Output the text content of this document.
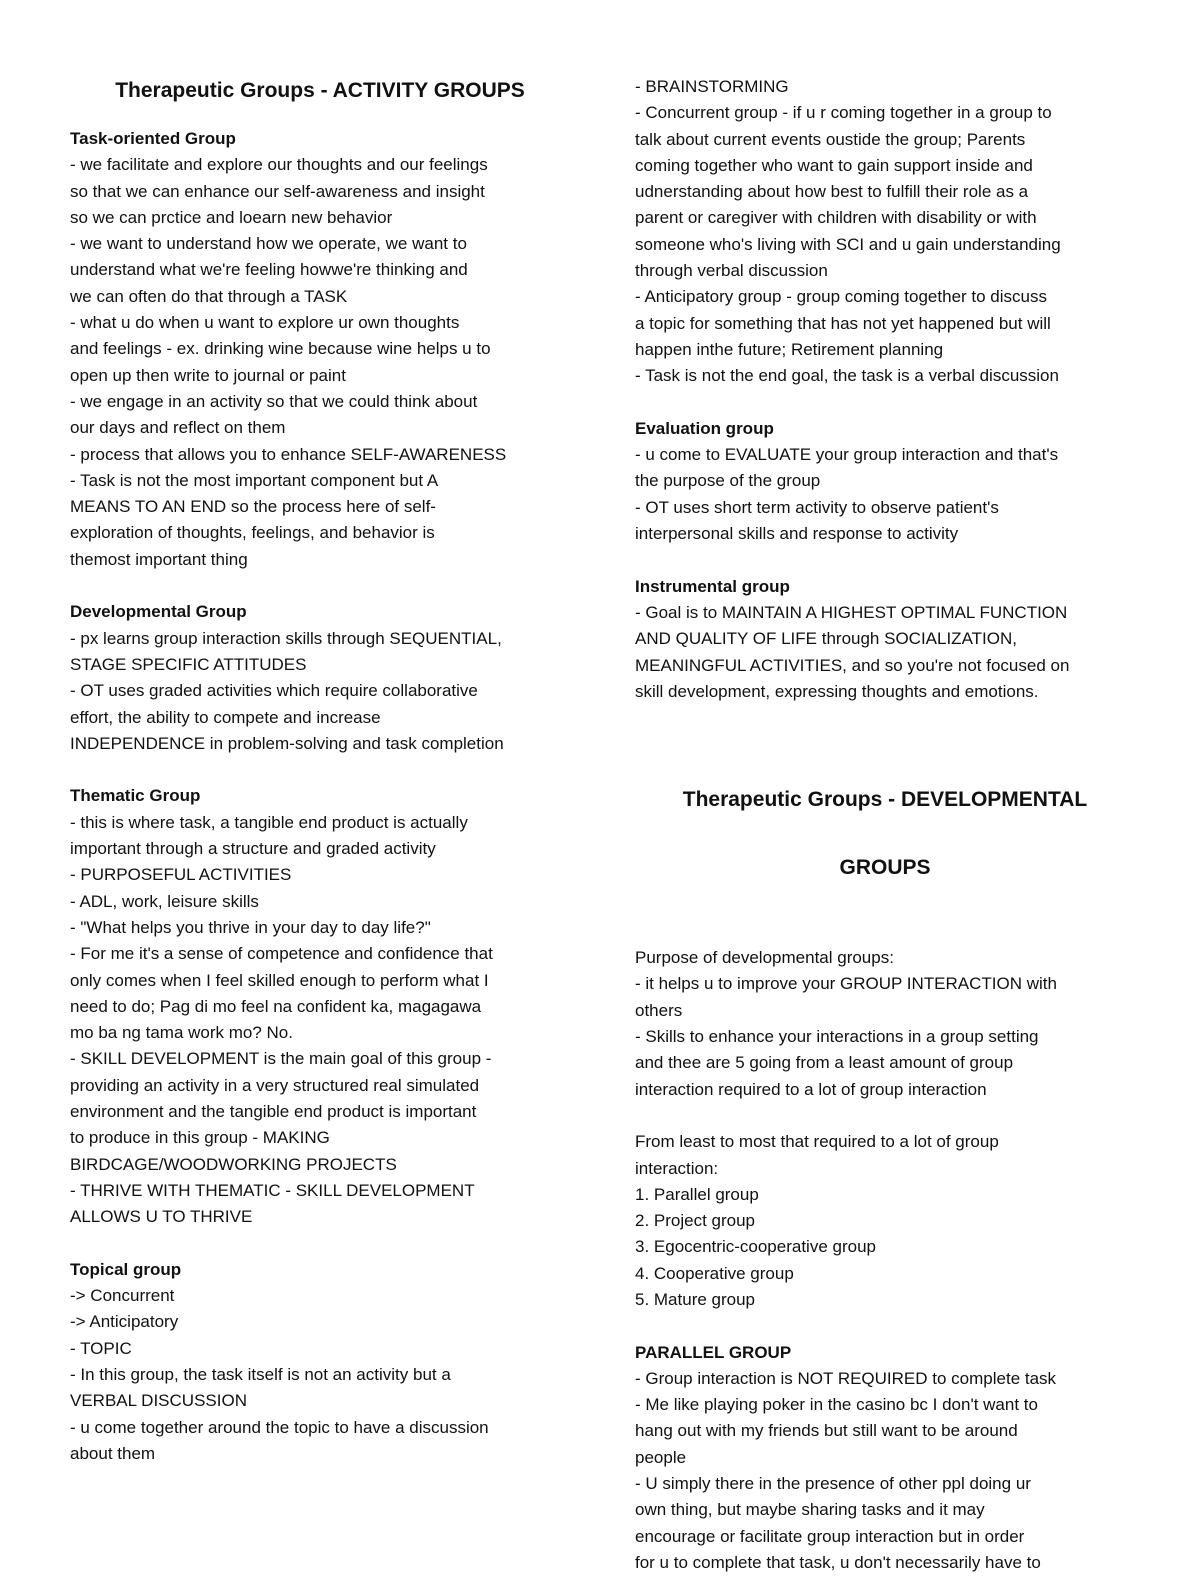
Therapeutic Groups - ACTIVITY GROUPS
Task-oriented Group
- we facilitate and explore our thoughts and our feelings
so that we can enhance our self-awareness and insight
so we can prctice and loearn new behavior
- we want to understand how we operate, we want to
understand what we're feeling howwe're thinking and
we can often do that through a TASK
- what u do when u want to explore ur own thoughts
and feelings - ex. drinking wine because wine helps u to
open up then write to journal or paint
- we engage in an activity so that we could think about
our days and reflect on them
- process that allows you to enhance SELF-AWARENESS
- Task is not the most important component but A
MEANS TO AN END so the process here of self-
exploration of thoughts, feelings, and behavior is
themost important thing
Developmental Group
- px learns group interaction skills through SEQUENTIAL,
STAGE SPECIFIC ATTITUDES
- OT uses graded activities which require collaborative
effort, the ability to compete and increase
INDEPENDENCE in problem-solving and task completion
Thematic Group
- this is where task, a tangible end product is actually
important through a structure and graded activity
- PURPOSEFUL ACTIVITIES
- ADL, work, leisure skills
- "What helps you thrive in your day to day life?"
- For me it's a sense of competence and confidence that
only comes when I feel skilled enough to perform what I
need to do; Pag di mo feel na confident ka, magagawa
mo ba ng tama work mo? No.
- SKILL DEVELOPMENT is the main goal of this group -
providing an activity in a very structured real simulated
environment and the tangible end product is important
to produce in this group - MAKING
BIRDCAGE/WOODWORKING PROJECTS
- THRIVE WITH THEMATIC - SKILL DEVELOPMENT
ALLOWS U TO THRIVE
Topical group
-> Concurrent
-> Anticipatory
- TOPIC
- In this group, the task itself is not an activity but a
VERBAL DISCUSSION
- u come together around the topic to have a discussion
about them
- BRAINSTORMING
- Concurrent group - if u r coming together in a group to
talk about current events oustide the group; Parents
coming together who want to gain support inside and
udnerstanding about how best to fulfill their role as a
parent or caregiver with children with disability or with
someone who's living with SCI and u gain understanding
through verbal discussion
- Anticipatory group - group coming together to discuss
a topic for something that has not yet happened but will
happen inthe future; Retirement planning
- Task is not the end goal, the task is a verbal discussion
Evaluation group
- u come to EVALUATE your group interaction and that's
the purpose of the group
- OT uses short term activity to observe patient's
interpersonal skills and response to activity
Instrumental group
- Goal is to MAINTAIN A HIGHEST OPTIMAL FUNCTION
AND QUALITY OF LIFE through SOCIALIZATION,
MEANINGFUL ACTIVITIES, and so you're not focused on
skill development, expressing thoughts and emotions.

Therapeutic Groups - DEVELOPMENTAL

GROUPS

Purpose of developmental groups:
- it helps u to improve your GROUP INTERACTION with
others
- Skills to enhance your interactions in a group setting
and thee are 5 going from a least amount of group
interaction required to a lot of group interaction
From least to most that required to a lot of group
interaction:
1. Parallel group
2. Project group
3. Egocentric-cooperative group
4. Cooperative group
5. Mature group
PARALLEL GROUP
- Group interaction is NOT REQUIRED to complete task
- Me like playing poker in the casino bc I don't want to
hang out with my friends but still want to be around
people
- U simply there in the presence of other ppl doing ur
own thing, but maybe sharing tasks and it may
encourage or facilitate group interaction but in order
for u to complete that task, u don't necessarily have to
